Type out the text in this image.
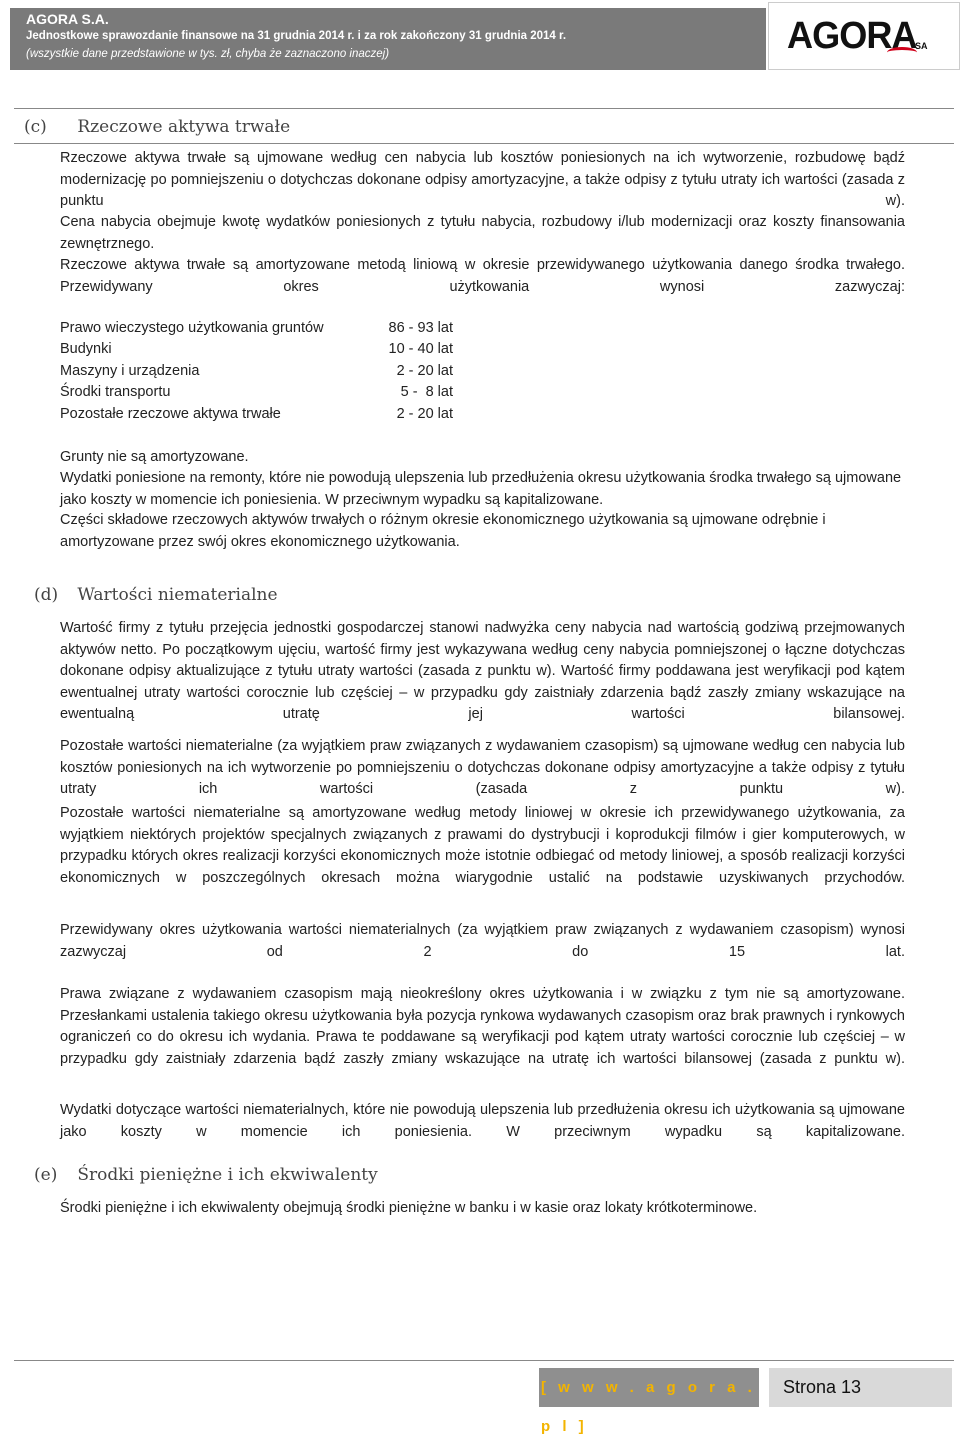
AGORA S.A.
Jednostkowe sprawozdanie finansowe na 31 grudnia 2014 r. i za rok zakończony 31 grudnia 2014 r.
(wszystkie dane przedstawione w tys. zł, chyba że zaznaczono inaczej)	AGORA
SA
(c) Rzeczowe aktywa trwałe

Rzeczowe aktywa trwałe są ujmowane według cen nabycia lub kosztów poniesionych na ich wytworzenie, rozbudowę bądź modernizację po pomniejszeniu o dotychczas dokonane odpisy amortyzacyjne, a także odpisy z tytułu utraty ich wartości (zasada z punktu w).

Cena nabycia obejmuje kwotę wydatków poniesionych z tytułu nabycia, rozbudowy i/lub modernizacji oraz koszty finansowania zewnętrznego.

Rzeczowe aktywa trwałe są amortyzowane metodą liniową w okresie przewidywanego użytkowania danego środka trwałego. Przewidywany okres użytkowania wynosi zazwyczaj:

Prawo wieczystego użytkowania gruntów	86 - 93 lat
Budynki	10 - 40 lat
Maszyny i urządzenia	2 - 20 lat
Środki transportu	5 -  8 lat
Pozostałe rzeczowe aktywa trwałe	2 - 20 lat

Grunty nie są amortyzowane.

Wydatki poniesione na remonty, które nie powodują ulepszenia lub przedłużenia okresu użytkowania środka trwałego są ujmowane jako koszty w momencie ich poniesienia. W przeciwnym wypadku są kapitalizowane.

Części składowe rzeczowych aktywów trwałych o różnym okresie ekonomicznego użytkowania są ujmowane odrębnie i amortyzowane przez swój okres ekonomicznego użytkowania.

(d) Wartości niematerialne

Wartość firmy z tytułu przejęcia jednostki gospodarczej stanowi nadwyżka ceny nabycia nad wartością godziwą przejmowanych aktywów netto. Po początkowym ujęciu, wartość firmy jest wykazywana według ceny nabycia pomniejszonej o łączne dotychczas dokonane odpisy aktualizujące z tytułu utraty wartości (zasada z punktu w). Wartość firmy poddawana jest weryfikacji pod kątem ewentualnej utraty wartości corocznie lub częściej – w przypadku gdy zaistniały zdarzenia bądź zaszły zmiany wskazujące na ewentualną utratę jej wartości bilansowej.

Pozostałe wartości niematerialne (za wyjątkiem praw związanych z wydawaniem czasopism) są ujmowane według cen nabycia lub kosztów poniesionych na ich wytworzenie po pomniejszeniu o dotychczas dokonane odpisy amortyzacyjne a także odpisy z tytułu utraty ich wartości (zasada z punktu w).

Pozostałe wartości niematerialne są amortyzowane według metody liniowej w okresie ich przewidywanego użytkowania, za wyjątkiem niektórych projektów specjalnych związanych z prawami do dystrybucji i koprodukcji filmów i gier komputerowych, w przypadku których okres realizacji korzyści ekonomicznych może istotnie odbiegać od metody liniowej, a sposób realizacji korzyści ekonomicznych w poszczególnych okresach można wiarygodnie ustalić na podstawie uzyskiwanych przychodów.

Przewidywany okres użytkowania wartości niematerialnych (za wyjątkiem praw związanych z wydawaniem czasopism) wynosi zazwyczaj od 2 do 15 lat.

Prawa związane z wydawaniem czasopism mają nieokreślony okres użytkowania i w związku z tym nie są amortyzowane. Przesłankami ustalenia takiego okresu użytkowania była pozycja rynkowa wydawanych czasopism oraz brak prawnych i rynkowych ograniczeń co do okresu ich wydania. Prawa te poddawane są weryfikacji pod kątem utraty wartości corocznie lub częściej – w przypadku gdy zaistniały zdarzenia bądź zaszły zmiany wskazujące na utratę ich wartości bilansowej (zasada z punktu w).

Wydatki dotyczące wartości niematerialnych, które nie powodują ulepszenia lub przedłużenia okresu ich użytkowania są ujmowane jako koszty w momencie ich poniesienia. W przeciwnym wypadku są kapitalizowane.

(e) Środki pieniężne i ich ekwiwalenty

Środki pieniężne i ich ekwiwalenty obejmują środki pieniężne w banku i w kasie oraz lokaty krótkoterminowe.

[ w w w . a g o r a . p l ]
Strona 13
